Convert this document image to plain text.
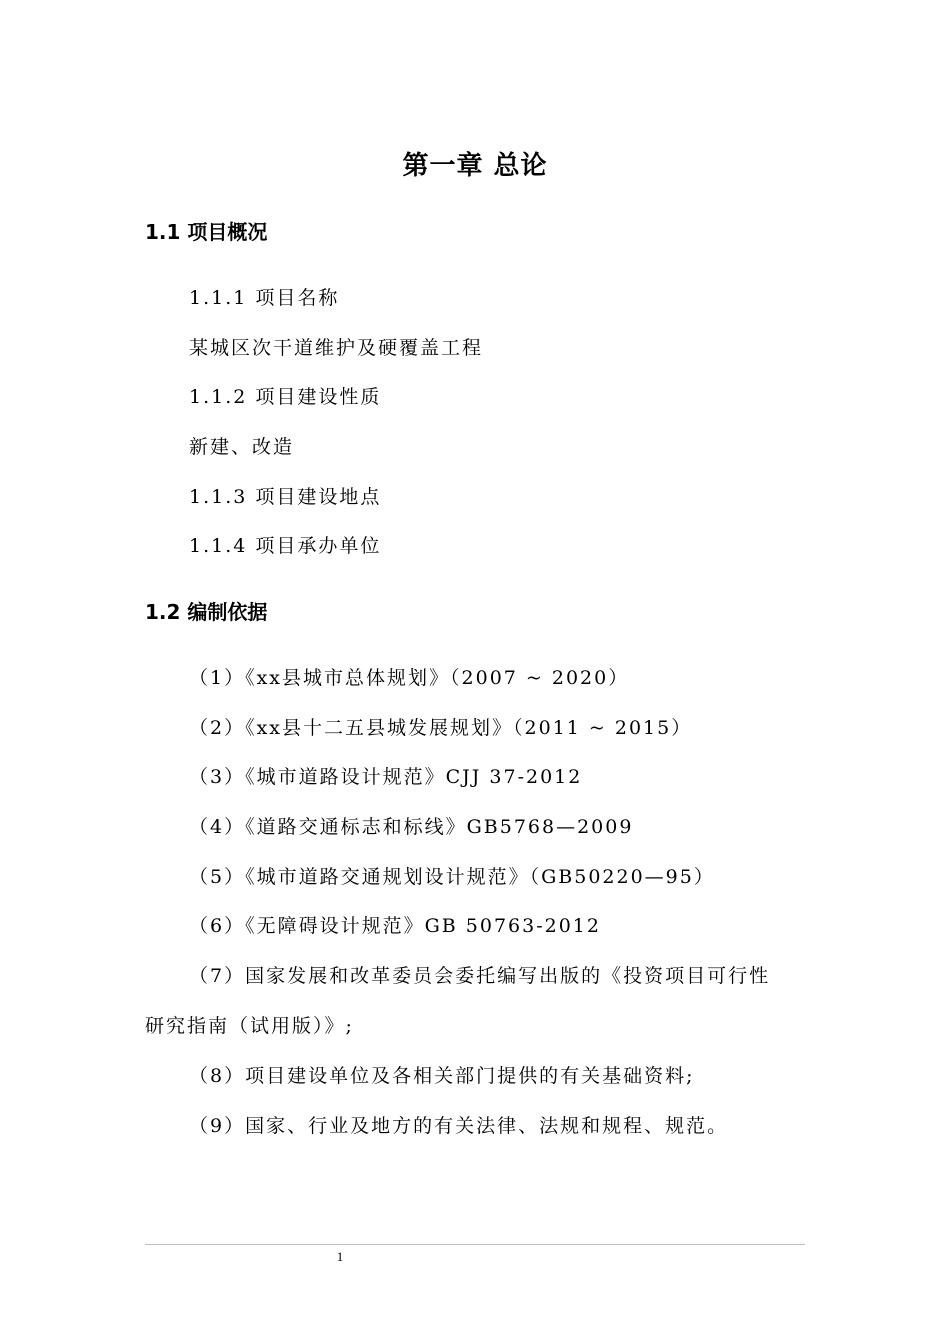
第一章 总论
1.1 项目概况
1.1.1 项目名称
某城区次干道维护及硬覆盖工程
1.1.2 项目建设性质
新建、改造
1.1.3 项目建设地点
1.1.4 项目承办单位
1.2 编制依据
（1）《xx县城市总体规划》（2007 ~ 2020）
（2）《xx县十二五县城发展规划》（2011 ~ 2015）
（3）《城市道路设计规范》CJJ 37-2012
（4）《道路交通标志和标线》GB5768—2009
（5）《城市道路交通规划设计规范》（GB50220—95）
（6）《无障碍设计规范》GB 50763-2012
（7）国家发展和改革委员会委托编写出版的《投资项目可行性
研究指南（试用版）》;
（8）项目建设单位及各相关部门提供的有关基础资料;
（9）国家、行业及地方的有关法律、法规和规程、规范。
1
